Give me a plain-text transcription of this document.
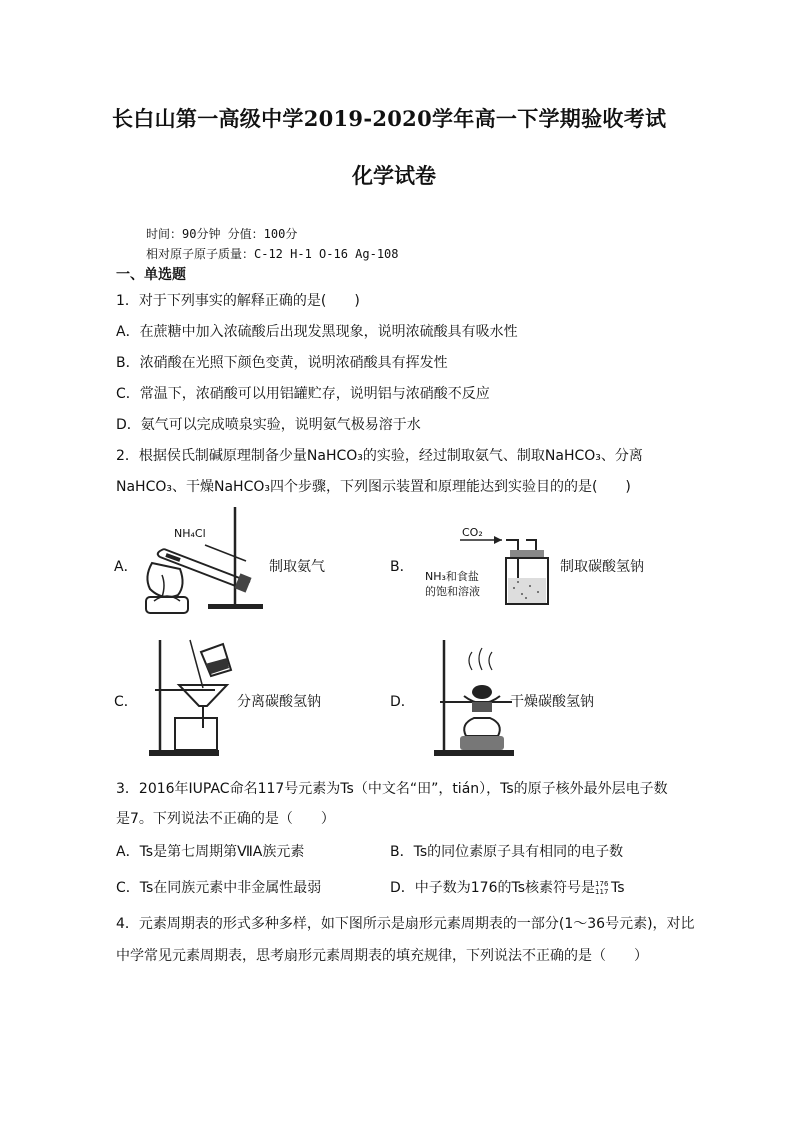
长白山第一高级中学2019-2020学年高一下学期验收考试
化学试卷
时间：90分钟 分值：100分
相对原子原子质量：C-12 H-1 O-16 Ag-108
一、单选题
1．对于下列事实的解释正确的是(　　)
A．在蔗糖中加入浓硫酸后出现发黑现象，说明浓硫酸具有吸水性
B．浓硝酸在光照下颜色变黄，说明浓硝酸具有挥发性
C．常温下，浓硝酸可以用铝罐贮存，说明铝与浓硝酸不反应
D．氨气可以完成喷泉实验，说明氨气极易溶于水
2．根据侯氏制碱原理制备少量NaHCO₃的实验，经过制取氨气、制取NaHCO₃、分离
NaHCO₃、干燥NaHCO₃四个步骤，下列图示装置和原理能达到实验目的的是(　　)
A．
NH₄Cl
制取氨气	B．
CO₂
NH₃和食盐
的饱和溶液
制取碳酸氢钠
C．	分离碳酸氢钠	D．	干燥碳酸氢钠
3．2016年IUPAC命名117号元素为Ts（中文名“田”，tián），Ts的原子核外最外层电子数
是7。下列说法不正确的是（　　）
A．Ts是第七周期第ⅦA族元素	B．Ts的同位素原子具有相同的电子数
C．Ts在同族元素中非金属性最弱	D．中子数为176的Ts核素符号是 176
117 Ts
4．元素周期表的形式多种多样，如下图所示是扇形元素周期表的一部分(1～36号元素)，对比
中学常见元素周期表，思考扇形元素周期表的填充规律，下列说法不正确的是（　　）
